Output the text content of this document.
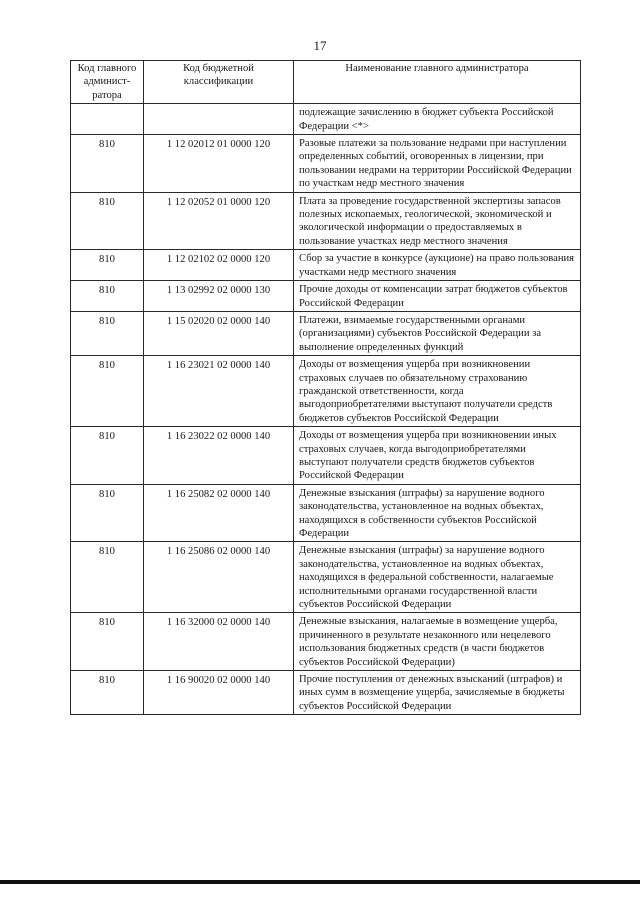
17
Код главного админист-ратора	Код бюджетной классификации	Наименование главного администратора
		подлежащие зачислению в бюджет субъекта Российской Федерации <*>
810	1 12 02012 01 0000 120	Разовые платежи за пользование недрами при наступлении определенных событий, оговоренных в лицензии, при пользовании недрами на территории Российской Федерации по участкам недр местного значения
810	1 12 02052 01 0000 120	Плата за проведение государственной экспертизы запасов полезных ископаемых, геологической, экономической и экологической информации о предоставляемых в пользование участках недр местного значения
810	1 12 02102 02 0000 120	Сбор за участие в конкурсе (аукционе) на право пользования участками недр местного значения
810	1 13 02992 02 0000 130	Прочие доходы от компенсации затрат бюджетов субъектов Российской Федерации
810	1 15 02020 02 0000 140	Платежи, взимаемые государственными органами (организациями) субъектов Российской Федерации за выполнение определенных функций
810	1 16 23021 02 0000 140	Доходы от возмещения ущерба при возникновении страховых случаев по обязательному страхованию гражданской ответственности, когда выгодоприобретателями выступают получатели средств бюджетов субъектов Российской Федерации
810	1 16 23022 02 0000 140	Доходы от возмещения ущерба при возникновении иных страховых случаев, когда выгодоприобретателями выступают получатели средств бюджетов субъектов Российской Федерации
810	1 16 25082 02 0000 140	Денежные взыскания (штрафы) за нарушение водного законодательства, установленное на водных объектах, находящихся в собственности субъектов Российской Федерации
810	1 16 25086 02 0000 140	Денежные взыскания (штрафы) за нарушение водного законодательства, установленное на водных объектах, находящихся в федеральной собственности, налагаемые исполнительными органами государственной власти субъектов Российской Федерации
810	1 16 32000 02 0000 140	Денежные взыскания, налагаемые в возмещение ущерба, причиненного в результате незаконного или нецелевого использования бюджетных средств (в части бюджетов субъектов Российской Федерации)
810	1 16 90020 02 0000 140	Прочие поступления от денежных взысканий (штрафов) и иных сумм в возмещение ущерба, зачисляемые в бюджеты субъектов Российской Федерации
